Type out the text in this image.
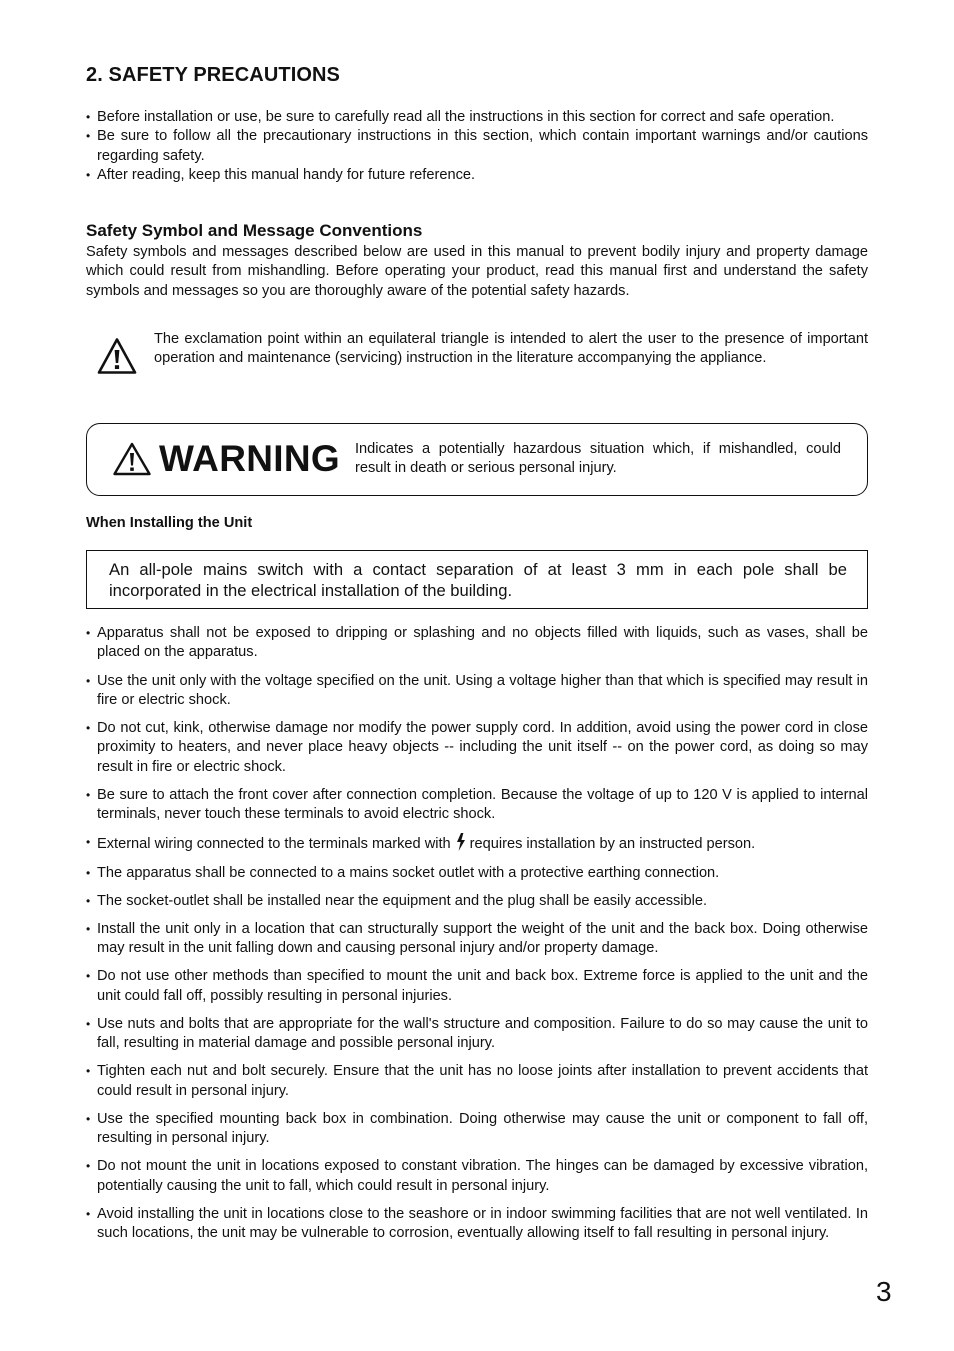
2. SAFETY PRECAUTIONS
• Before installation or use, be sure to carefully read all the instructions in this section for correct and safe operation.
• Be sure to follow all the precautionary instructions in this section, which contain important warnings and/or cautions regarding safety.
• After reading, keep this manual handy for future reference.
Safety Symbol and Message Conventions

Safety symbols and messages described below are used in this manual to prevent bodily injury and property damage which could result from mishandling. Before operating your product, read this manual first and understand the safety symbols and messages so you are thoroughly aware of the potential safety hazards.

The exclamation point within an equilateral triangle is intended to alert the user to the presence of important operation and maintenance (servicing) instruction in the literature accompanying the appliance.

WARNING Indicates a potentially hazardous situation which, if mishandled, could result in death or serious personal injury.

When Installing the Unit

An all-pole mains switch with a contact separation of at least 3 mm in each pole shall be incorporated in the electrical installation of the building.

• Apparatus shall not be exposed to dripping or splashing and no objects filled with liquids, such as vases, shall be placed on the apparatus.
• Use the unit only with the voltage specified on the unit. Using a voltage higher than that which is specified may result in fire or electric shock.
• Do not cut, kink, otherwise damage nor modify the power supply cord. In addition, avoid using the power cord in close proximity to heaters, and never place heavy objects -- including the unit itself -- on the power cord, as doing so may result in fire or electric shock.
• Be sure to attach the front cover after connection completion. Because the voltage of up to 120 V is applied to internal terminals, never touch these terminals to avoid electric shock.
• External wiring connected to the terminals marked with requires installation by an instructed person.
• The apparatus shall be connected to a mains socket outlet with a protective earthing connection.
• The socket-outlet shall be installed near the equipment and the plug shall be easily accessible.
• Install the unit only in a location that can structurally support the weight of the unit and the back box. Doing otherwise may result in the unit falling down and causing personal injury and/or property damage.
• Do not use other methods than specified to mount the unit and back box. Extreme force is applied to the unit and the unit could fall off, possibly resulting in personal injuries.
• Use nuts and bolts that are appropriate for the wall's structure and composition. Failure to do so may cause the unit to fall, resulting in material damage and possible personal injury.
• Tighten each nut and bolt securely. Ensure that the unit has no loose joints after installation to prevent accidents that could result in personal injury.
• Use the specified mounting back box in combination. Doing otherwise may cause the unit or component to fall off, resulting in personal injury.
• Do not mount the unit in locations exposed to constant vibration. The hinges can be damaged by excessive vibration, potentially causing the unit to fall, which could result in personal injury.
• Avoid installing the unit in locations close to the seashore or in indoor swimming facilities that are not well ventilated. In such locations, the unit may be vulnerable to corrosion, eventually allowing itself to fall resulting in personal injury.
3
